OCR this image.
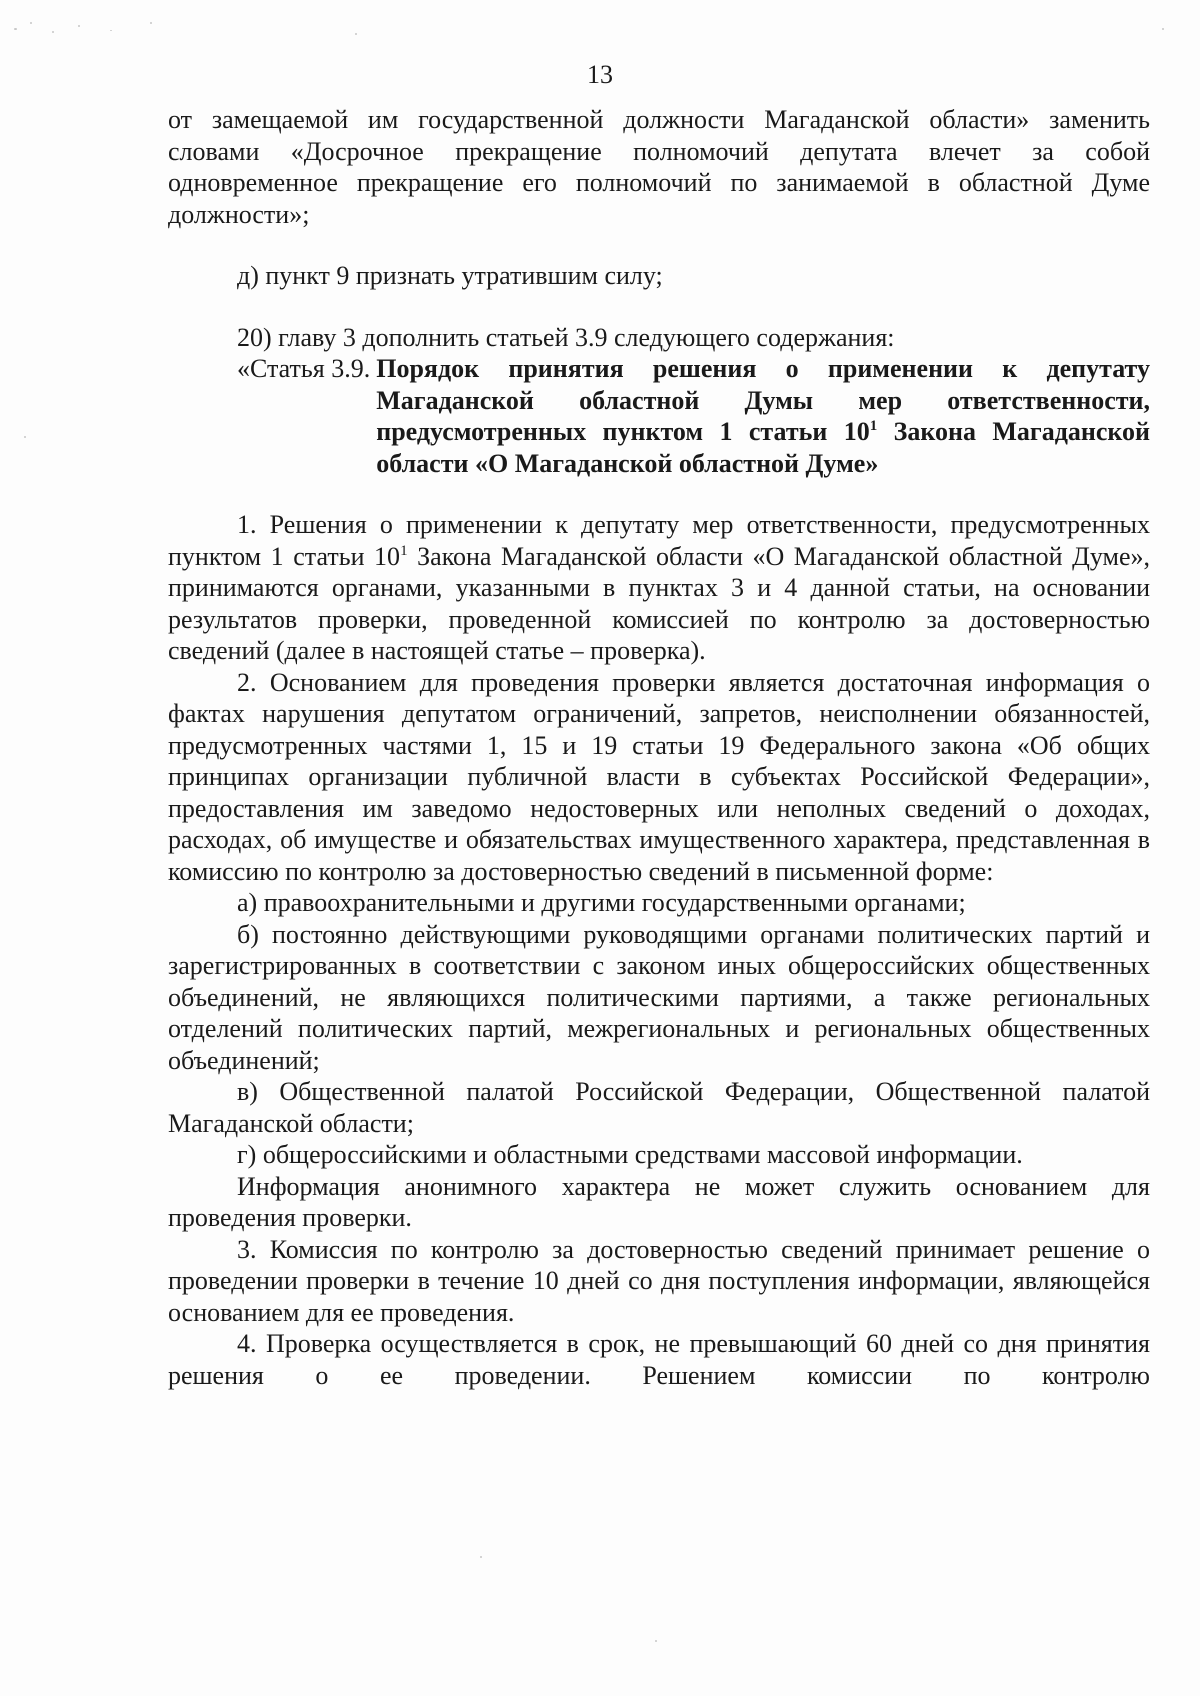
13

от замещаемой им государственной должности Магаданской области» заменить словами «Досрочное прекращение полномочий депутата влечет за собой одновременное прекращение его полномочий по занимаемой в областной Думе должности»;

д) пункт 9 признать утратившим силу;

20) главу 3 дополнить статьей 3.9 следующего содержания:

«Статья 3.9. Порядок принятия решения о применении к депутату Магаданской областной Думы мер ответственности, предусмотренных пунктом 1 статьи $10^1$ Закона Магаданской области «О Магаданской областной Думе»

1. Решения о применении к депутату мер ответственности, предусмотренных пунктом 1 статьи $10^1$ Закона Магаданской области «О Магаданской областной Думе», принимаются органами, указанными в пунктах 3 и 4 данной статьи, на основании результатов проверки, проведенной комиссией по контролю за достоверностью сведений (далее в настоящей статье – проверка).

2. Основанием для проведения проверки является достаточная информация о фактах нарушения депутатом ограничений, запретов, неисполнении обязанностей, предусмотренных частями 1, 15 и 19 статьи 19 Федерального закона «Об общих принципах организации публичной власти в субъектах Российской Федерации», предоставления им заведомо недостоверных или неполных сведений о доходах, расходах, об имуществе и обязательствах имущественного характера, представленная в комиссию по контролю за достоверностью сведений в письменной форме:

а) правоохранительными и другими государственными органами;

б) постоянно действующими руководящими органами политических партий и зарегистрированных в соответствии с законом иных общероссийских общественных объединений, не являющихся политическими партиями, а также региональных отделений политических партий, межрегиональных и региональных общественных объединений;

в) Общественной палатой Российской Федерации, Общественной палатой Магаданской области;

г) общероссийскими и областными средствами массовой информации.

Информация анонимного характера не может служить основанием для проведения проверки.

3. Комиссия по контролю за достоверностью сведений принимает решение о проведении проверки в течение 10 дней со дня поступления информации, являющейся основанием для ее проведения.

4. Проверка осуществляется в срок, не превышающий 60 дней со дня принятия решения о ее проведении. Решением комиссии по контролю
